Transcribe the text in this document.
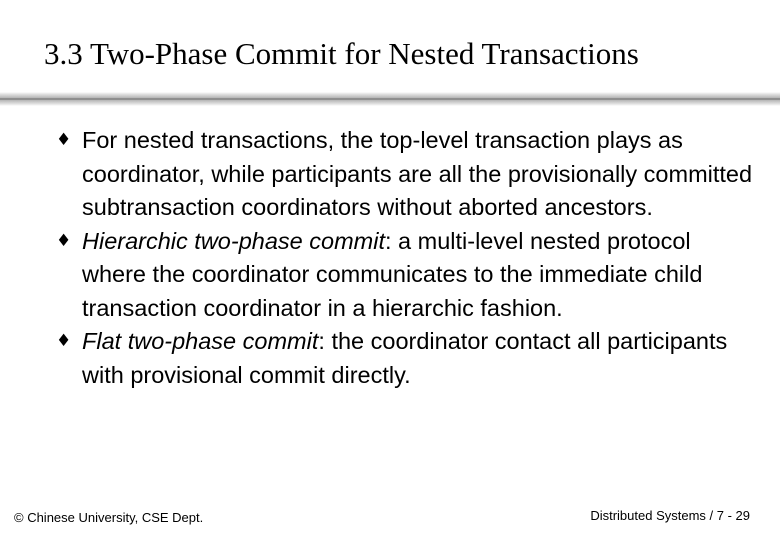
3.3 Two-Phase Commit for Nested Transactions
♦ For nested transactions, the top-level transaction plays as coordinator, while participants are all the provisionally committed subtransaction coordinators without aborted ancestors.
♦ Hierarchic two-phase commit: a multi-level nested protocol where the coordinator communicates to the immediate child transaction coordinator in a hierarchic fashion.
♦ Flat two-phase commit: the coordinator contact all participants with provisional commit directly.
© Chinese University, CSE Dept.	Distributed Systems / 7 - 29
